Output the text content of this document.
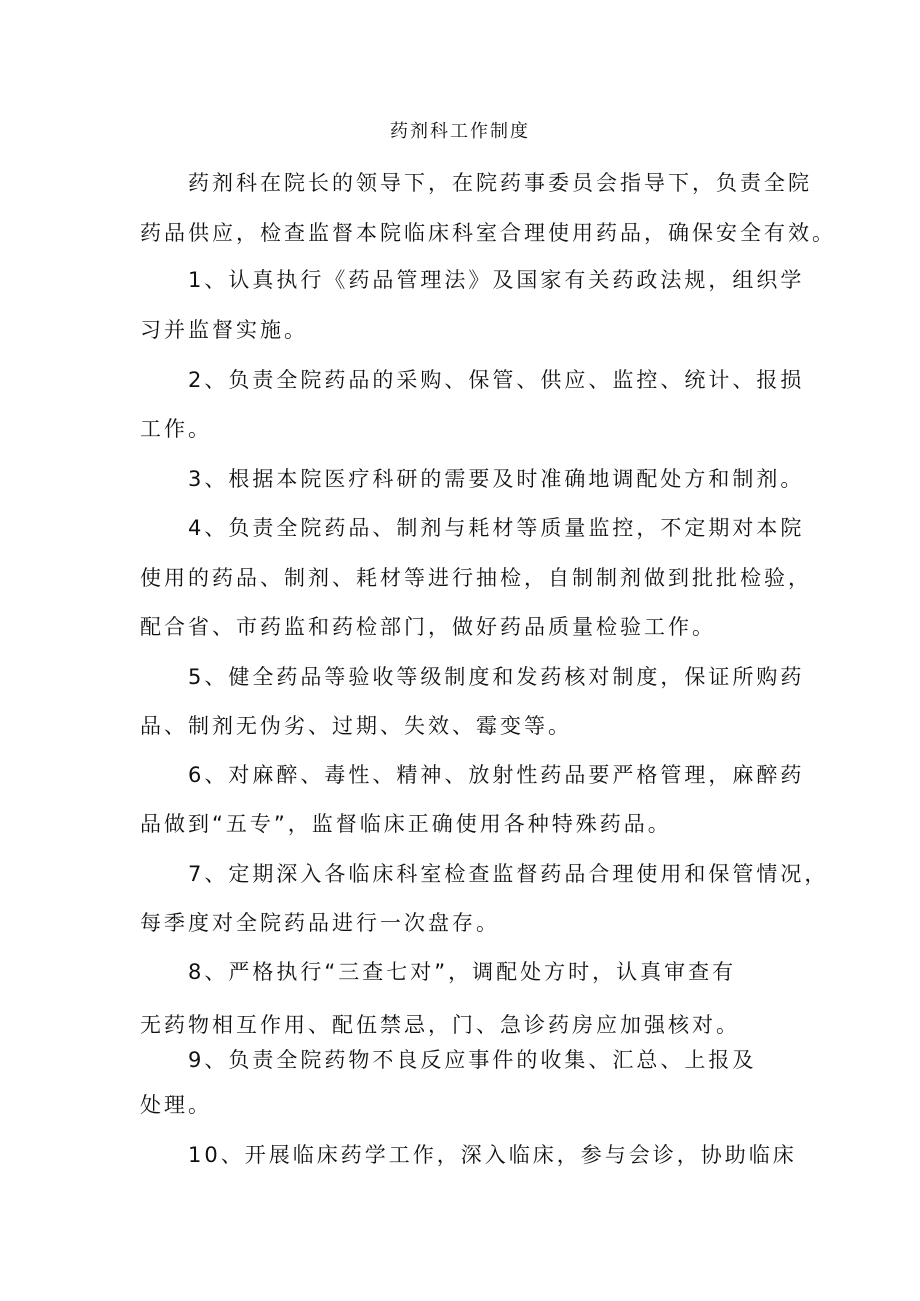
药剂科工作制度
药剂科在院长的领导下，在院药事委员会指导下，负责全院
药品供应，检查监督本院临床科室合理使用药品，确保安全有效。
1、认真执行《药品管理法》及国家有关药政法规，组织学
习并监督实施。
2、负责全院药品的采购、保管、供应、监控、统计、报损
工作。
3、根据本院医疗科研的需要及时准确地调配处方和制剂。
4、负责全院药品、制剂与耗材等质量监控，不定期对本院
使用的药品、制剂、耗材等进行抽检，自制制剂做到批批检验，
配合省、市药监和药检部门，做好药品质量检验工作。
5、健全药品等验收等级制度和发药核对制度，保证所购药
品、制剂无伪劣、过期、失效、霉变等。
6、对麻醉、毒性、精神、放射性药品要严格管理，麻醉药
品做到“五专”，监督临床正确使用各种特殊药品。
7、定期深入各临床科室检查监督药品合理使用和保管情况，
每季度对全院药品进行一次盘存。
8、严格执行“三查七对”，调配处方时，认真审查有
无药物相互作用、配伍禁忌，门、急诊药房应加强核对。
9、负责全院药物不良反应事件的收集、汇总、上报及
处理。
10、开展临床药学工作，深入临床，参与会诊，协助临床
